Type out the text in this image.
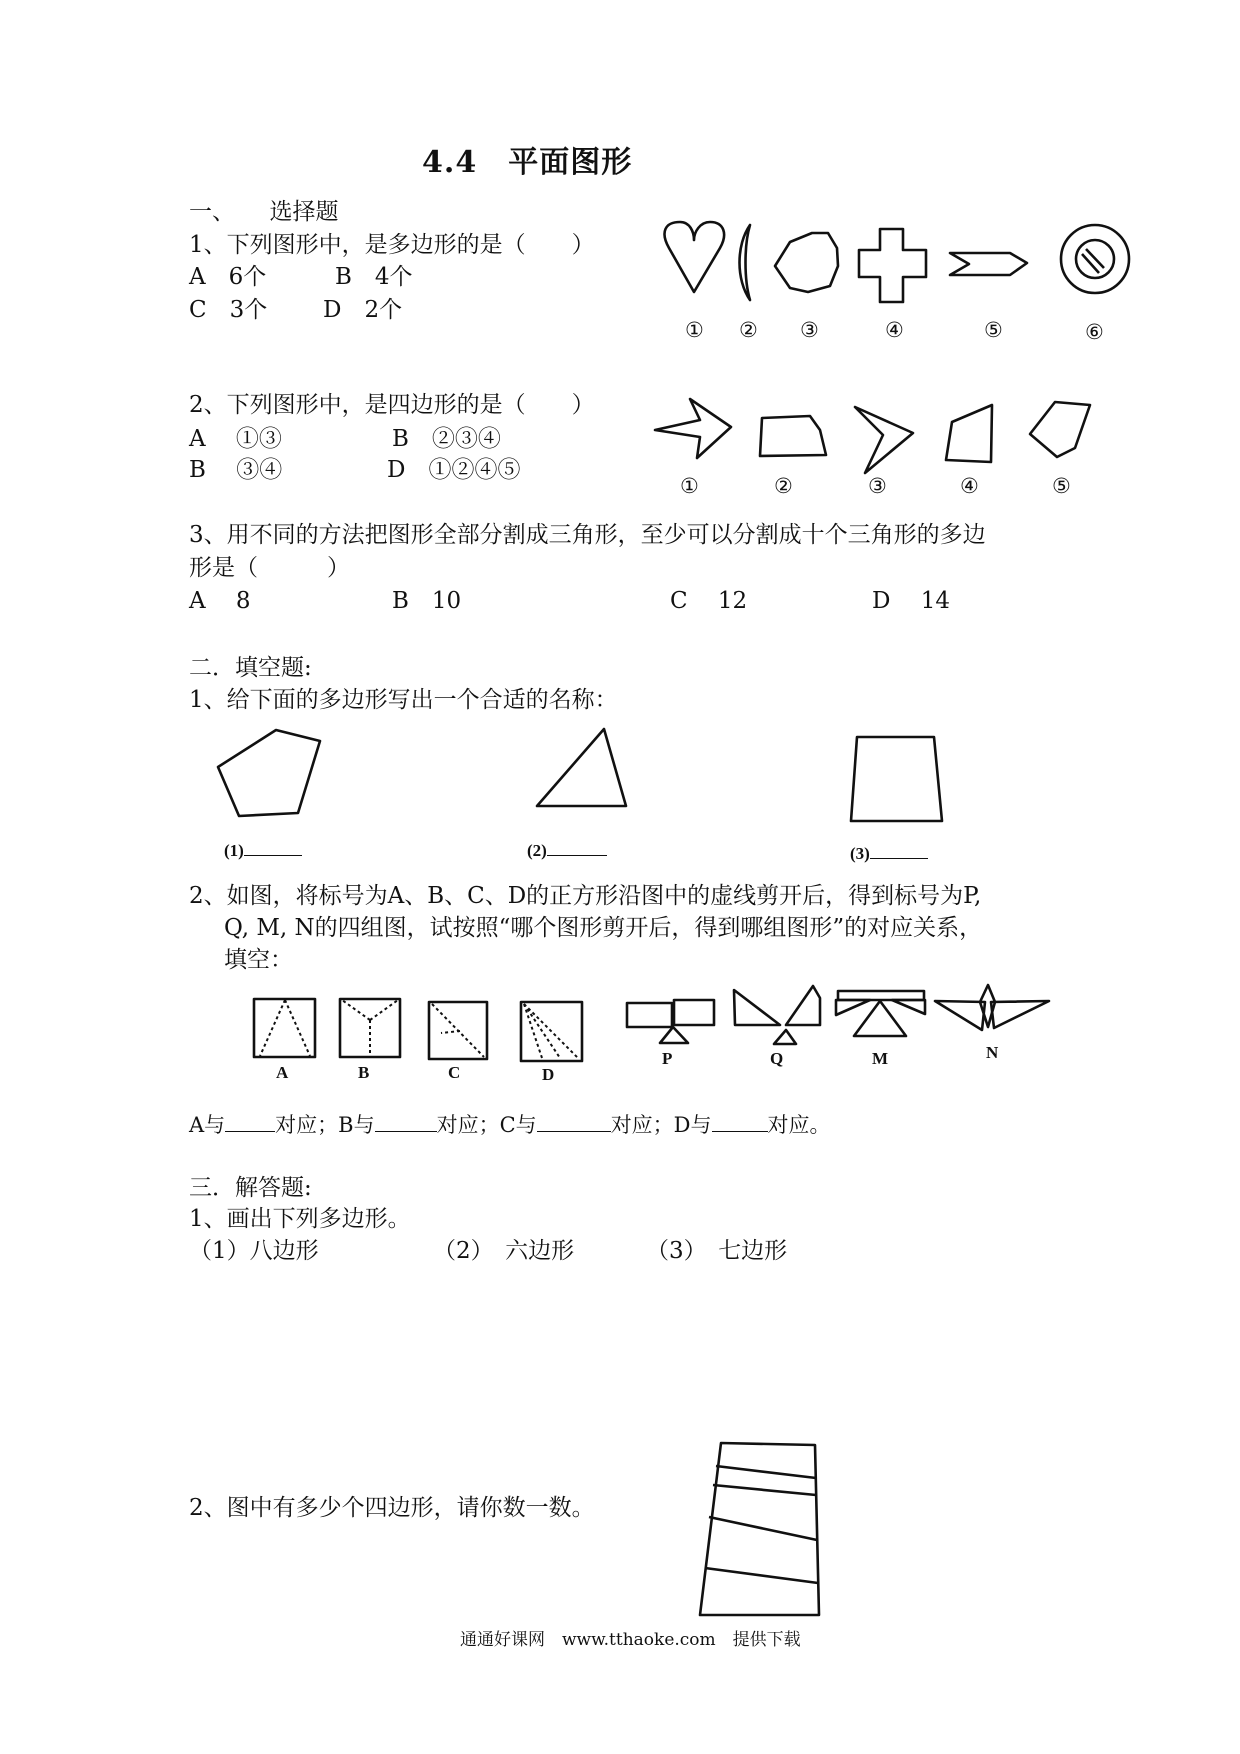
4.4　平面图形
一、　　选择题
1、下列图形中，是多边形的是（　　）
A　6个	B　4个
C　3个 D　2个
① ② ③	④	⑤	⑥
2、下列图形中，是四边形的是（　　）
A　 ①③	B　②③④
B　 ③④	D　①②④⑤
①	②	③	④	⑤
3、用不同的方法把图形全部分割成三角形，至少可以分割成十个三角形的多边
形是（　　　）
A　 8	B　10	C　 12	D　 14
二．填空题:
1、给下面的多边形写出一个合适的名称：
(1)	(2)	(3)
2、如图，将标号为A、B、C、D的正方形沿图中的虚线剪开后，得到标号为P,
Q, M, N的四组图，试按照“哪个图形剪开后，得到哪组图形”的对应关系，
填空：
A	B	C	D
P	Q	M	N
A与 对应；B与	对应；C与	对应；D与	对应。
三．解答题:
1、画出下列多边形。
（1）八边形	（2）　六边形	（3）　七边形
2、图中有多少个四边形，请你数一数。
通通好课网　www.tthaoke.com　提供下载
